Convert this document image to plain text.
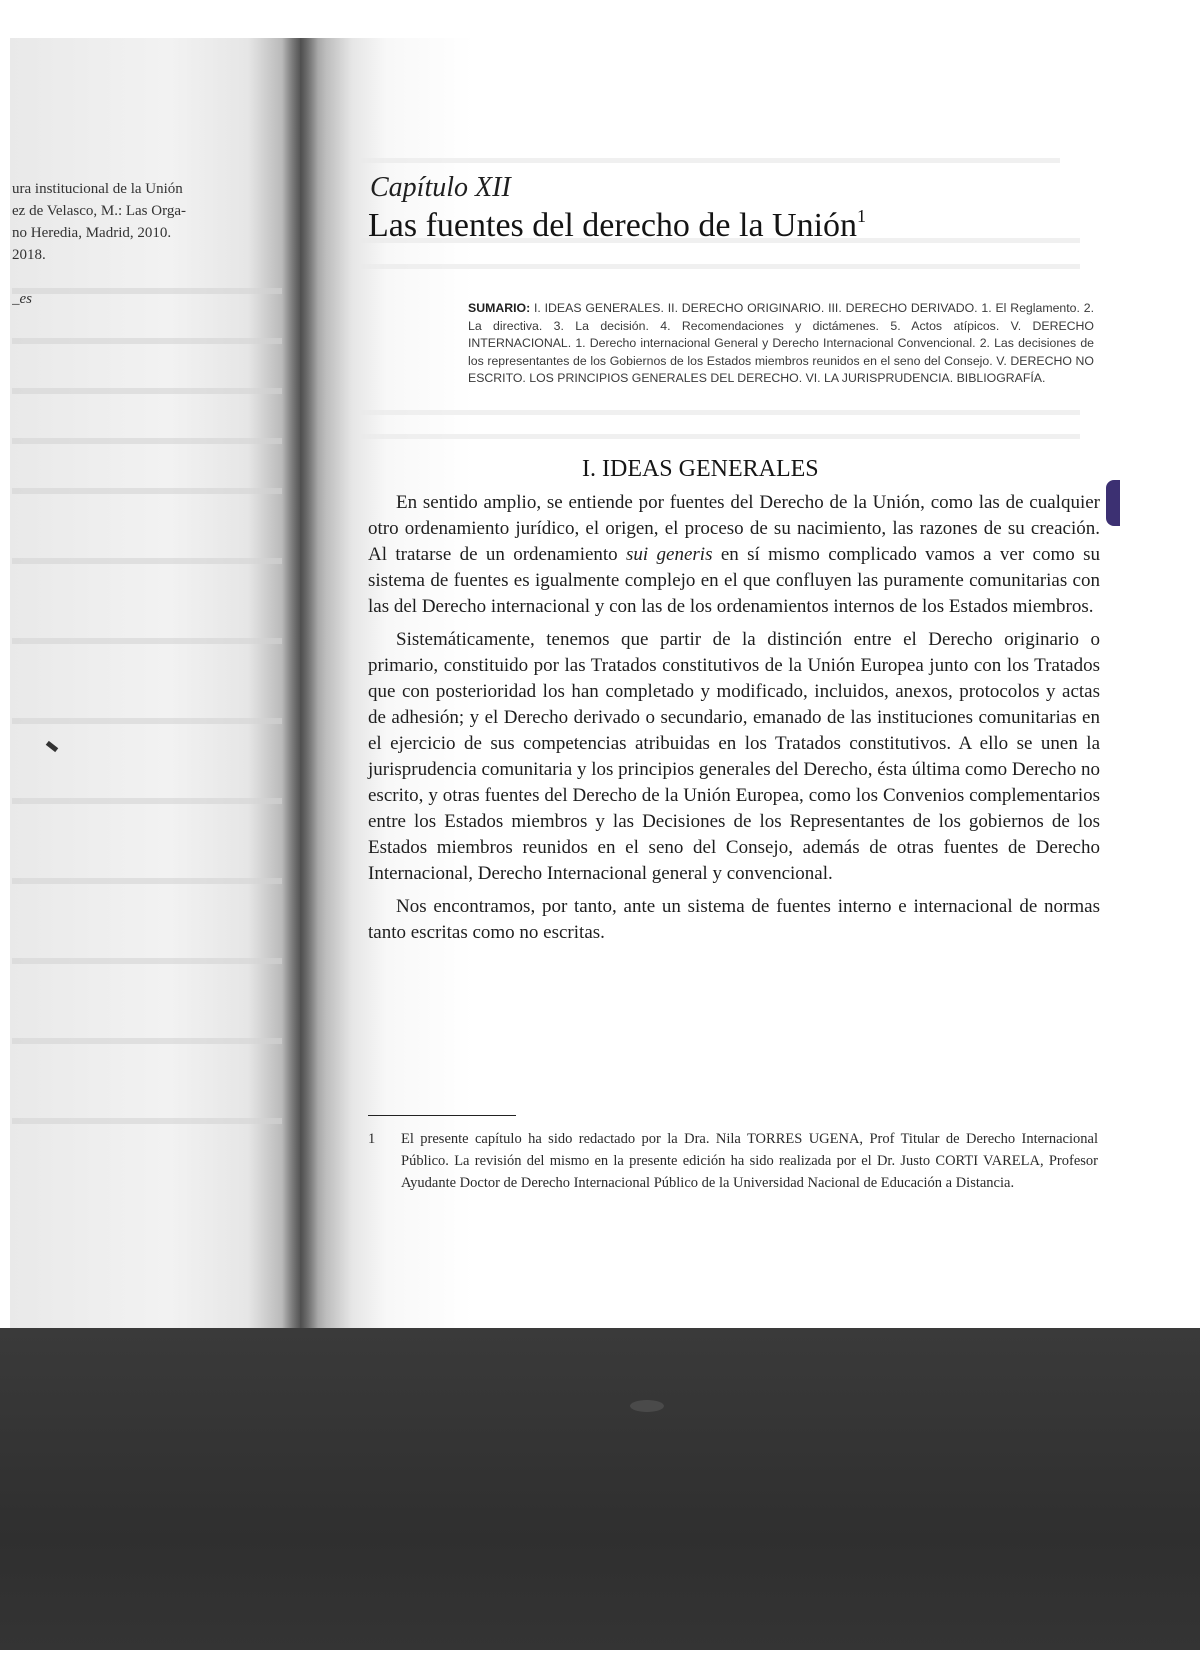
ura institucional de la Unión
ez de Velasco, M.: Las Orga-
no Heredia, Madrid, 2010.
2018.
_es
Capítulo XII
Las fuentes del derecho de la Unión$^1$
SUMARIO: I. IDEAS GENERALES. II. DERECHO ORIGINARIO. III. DERECHO DERIVADO. 1. El Reglamento. 2. La directiva. 3. La decisión. 4. Recomendaciones y dictámenes. 5. Actos atípicos. V. DERECHO INTERNACIONAL. 1. Derecho internacional General y Derecho Internacional Convencional. 2. Las decisiones de los representantes de los Gobiernos de los Estados miembros reunidos en el seno del Consejo. V. DERECHO NO ESCRITO. LOS PRINCIPIOS GENERALES DEL DERECHO. VI. LA JURISPRUDENCIA. BIBLIOGRAFÍA.
I. IDEAS GENERALES

En sentido amplio, se entiende por fuentes del Derecho de la Unión, como las de cualquier otro ordenamiento jurídico, el origen, el proceso de su nacimiento, las razones de su creación. Al tratarse de un ordenamiento sui generis en sí mismo complicado vamos a ver como su sistema de fuentes es igualmente complejo en el que confluyen las puramente comunitarias con las del Derecho internacional y con las de los ordenamientos internos de los Estados miembros.

Sistemáticamente, tenemos que partir de la distinción entre el Derecho originario o primario, constituido por las Tratados constitutivos de la Unión Europea junto con los Tratados que con posterioridad los han completado y modificado, incluidos, anexos, protocolos y actas de adhesión; y el Derecho derivado o secundario, emanado de las instituciones comunitarias en el ejercicio de sus competencias atribuidas en los Tratados constitutivos. A ello se unen la jurisprudencia comunitaria y los principios generales del Derecho, ésta última como Derecho no escrito, y otras fuentes del Derecho de la Unión Europea, como los Convenios complementarios entre los Estados miembros y las Decisiones de los Representantes de los gobiernos de los Estados miembros reunidos en el seno del Consejo, además de otras fuentes de Derecho Internacional, Derecho Internacional general y convencional.

Nos encontramos, por tanto, ante un sistema de fuentes interno e internacional de normas tanto escritas como no escritas.

1 El presente capítulo ha sido redactado por la Dra. Nila TORRES UGENA, Prof Titular de Derecho Internacional Público. La revisión del mismo en la presente edición ha sido realizada por el Dr. Justo CORTI VARELA, Profesor Ayudante Doctor de Derecho Internacional Público de la Universidad Nacional de Educación a Distancia.
